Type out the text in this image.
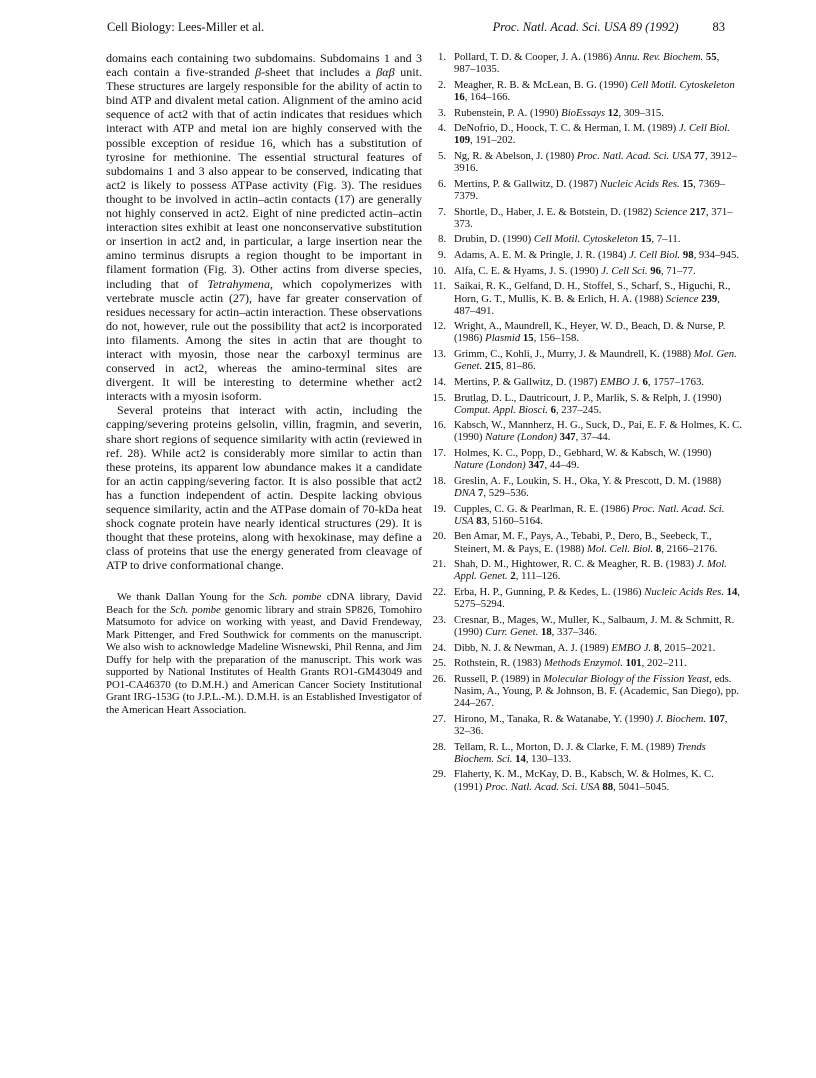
Cell Biology: Lees-Miller et al.	Proc. Natl. Acad. Sci. USA 89 (1992)	83

domains each containing two subdomains. Subdomains 1 and 3 each contain a five-stranded β-sheet that includes a βαβ unit. These structures are largely responsible for the ability of actin to bind ATP and divalent metal cation. Alignment of the amino acid sequence of act2 with that of actin indicates that residues which interact with ATP and metal ion are highly conserved with the possible exception of residue 16, which has a substitution of tyrosine for methionine. The essential structural features of subdomains 1 and 3 also appear to be conserved, indicating that act2 is likely to possess ATPase activity (Fig. 3). The residues thought to be involved in actin–actin contacts (17) are generally not highly conserved in act2. Eight of nine predicted actin–actin interaction sites exhibit at least one nonconservative substitution or insertion in act2 and, in particular, a large insertion near the amino terminus disrupts a region thought to be important in filament formation (Fig. 3). Other actins from diverse species, including that of Tetrahymena, which copolymerizes with vertebrate muscle actin (27), have far greater conservation of residues necessary for actin–actin interaction. These observations do not, however, rule out the possibility that act2 is incorporated into filaments. Among the sites in actin that are thought to interact with myosin, those near the carboxyl terminus are conserved in act2, whereas the amino-terminal sites are divergent. It will be interesting to determine whether act2 interacts with a myosin isoform.

Several proteins that interact with actin, including the capping/severing proteins gelsolin, villin, fragmin, and severin, share short regions of sequence similarity with actin (reviewed in ref. 28). While act2 is considerably more similar to actin than these proteins, its apparent low abundance makes it a candidate for an actin capping/severing factor. It is also possible that act2 has a function independent of actin. Despite lacking obvious sequence similarity, actin and the ATPase domain of 70-kDa heat shock cognate protein have nearly identical structures (29). It is thought that these proteins, along with hexokinase, may define a class of proteins that use the energy generated from cleavage of ATP to drive conformational change.

We thank Dallan Young for the Sch. pombe cDNA library, David Beach for the Sch. pombe genomic library and strain SP826, Tomohiro Matsumoto for advice on working with yeast, and David Frendeway, Mark Pittenger, and Fred Southwick for comments on the manuscript. We also wish to acknowledge Madeline Wisnewski, Phil Renna, and Jim Duffy for help with the preparation of the manuscript. This work was supported by National Institutes of Health Grants RO1-GM43049 and PO1-CA46370 (to D.M.H.) and American Cancer Society Institutional Grant IRG-153G (to J.P.L.-M.). D.M.H. is an Established Investigator of the American Heart Association.

1. Pollard, T. D. & Cooper, J. A. (1986) Annu. Rev. Biochem. 55, 987–1035.
2. Meagher, R. B. & McLean, B. G. (1990) Cell Motil. Cytoskeleton 16, 164–166.
3. Rubenstein, P. A. (1990) BioEssays 12, 309–315.
4. DeNofrio, D., Hoock, T. C. & Herman, I. M. (1989) J. Cell Biol. 109, 191–202.
5. Ng, R. & Abelson, J. (1980) Proc. Natl. Acad. Sci. USA 77, 3912–3916.
6. Mertins, P. & Gallwitz, D. (1987) Nucleic Acids Res. 15, 7369–7379.
7. Shortle, D., Haber, J. E. & Botstein, D. (1982) Science 217, 371–373.
8. Drubin, D. (1990) Cell Motil. Cytoskeleton 15, 7–11.
9. Adams, A. E. M. & Pringle, J. R. (1984) J. Cell Biol. 98, 934–945.
10. Alfa, C. E. & Hyams, J. S. (1990) J. Cell Sci. 96, 71–77.
11. Saikai, R. K., Gelfand, D. H., Stoffel, S., Scharf, S., Higuchi, R., Horn, G. T., Mullis, K. B. & Erlich, H. A. (1988) Science 239, 487–491.
12. Wright, A., Maundrell, K., Heyer, W. D., Beach, D. & Nurse, P. (1986) Plasmid 15, 156–158.
13. Grimm, C., Kohli, J., Murry, J. & Maundrell, K. (1988) Mol. Gen. Genet. 215, 81–86.
14. Mertins, P. & Gallwitz, D. (1987) EMBO J. 6, 1757–1763.
15. Brutlag, D. L., Dautricourt, J. P., Marlik, S. & Relph, J. (1990) Comput. Appl. Biosci. 6, 237–245.
16. Kabsch, W., Mannherz, H. G., Suck, D., Pai, E. F. & Holmes, K. C. (1990) Nature (London) 347, 37–44.
17. Holmes, K. C., Popp, D., Gebhard, W. & Kabsch, W. (1990) Nature (London) 347, 44–49.
18. Greslin, A. F., Loukin, S. H., Oka, Y. & Prescott, D. M. (1988) DNA 7, 529–536.
19. Cupples, C. G. & Pearlman, R. E. (1986) Proc. Natl. Acad. Sci. USA 83, 5160–5164.
20. Ben Amar, M. F., Pays, A., Tebabi, P., Dero, B., Seebeck, T., Steinert, M. & Pays, E. (1988) Mol. Cell. Biol. 8, 2166–2176.
21. Shah, D. M., Hightower, R. C. & Meagher, R. B. (1983) J. Mol. Appl. Genet. 2, 111–126.
22. Erba, H. P., Gunning, P. & Kedes, L. (1986) Nucleic Acids Res. 14, 5275–5294.
23. Cresnar, B., Mages, W., Muller, K., Salbaum, J. M. & Schmitt, R. (1990) Curr. Genet. 18, 337–346.
24. Dibb, N. J. & Newman, A. J. (1989) EMBO J. 8, 2015–2021.
25. Rothstein, R. (1983) Methods Enzymol. 101, 202–211.
26. Russell, P. (1989) in Molecular Biology of the Fission Yeast, eds. Nasim, A., Young, P. & Johnson, B. F. (Academic, San Diego), pp. 244–267.
27. Hirono, M., Tanaka, R. & Watanabe, Y. (1990) J. Biochem. 107, 32–36.
28. Tellam, R. L., Morton, D. J. & Clarke, F. M. (1989) Trends Biochem. Sci. 14, 130–133.
29. Flaherty, K. M., McKay, D. B., Kabsch, W. & Holmes, K. C. (1991) Proc. Natl. Acad. Sci. USA 88, 5041–5045.
